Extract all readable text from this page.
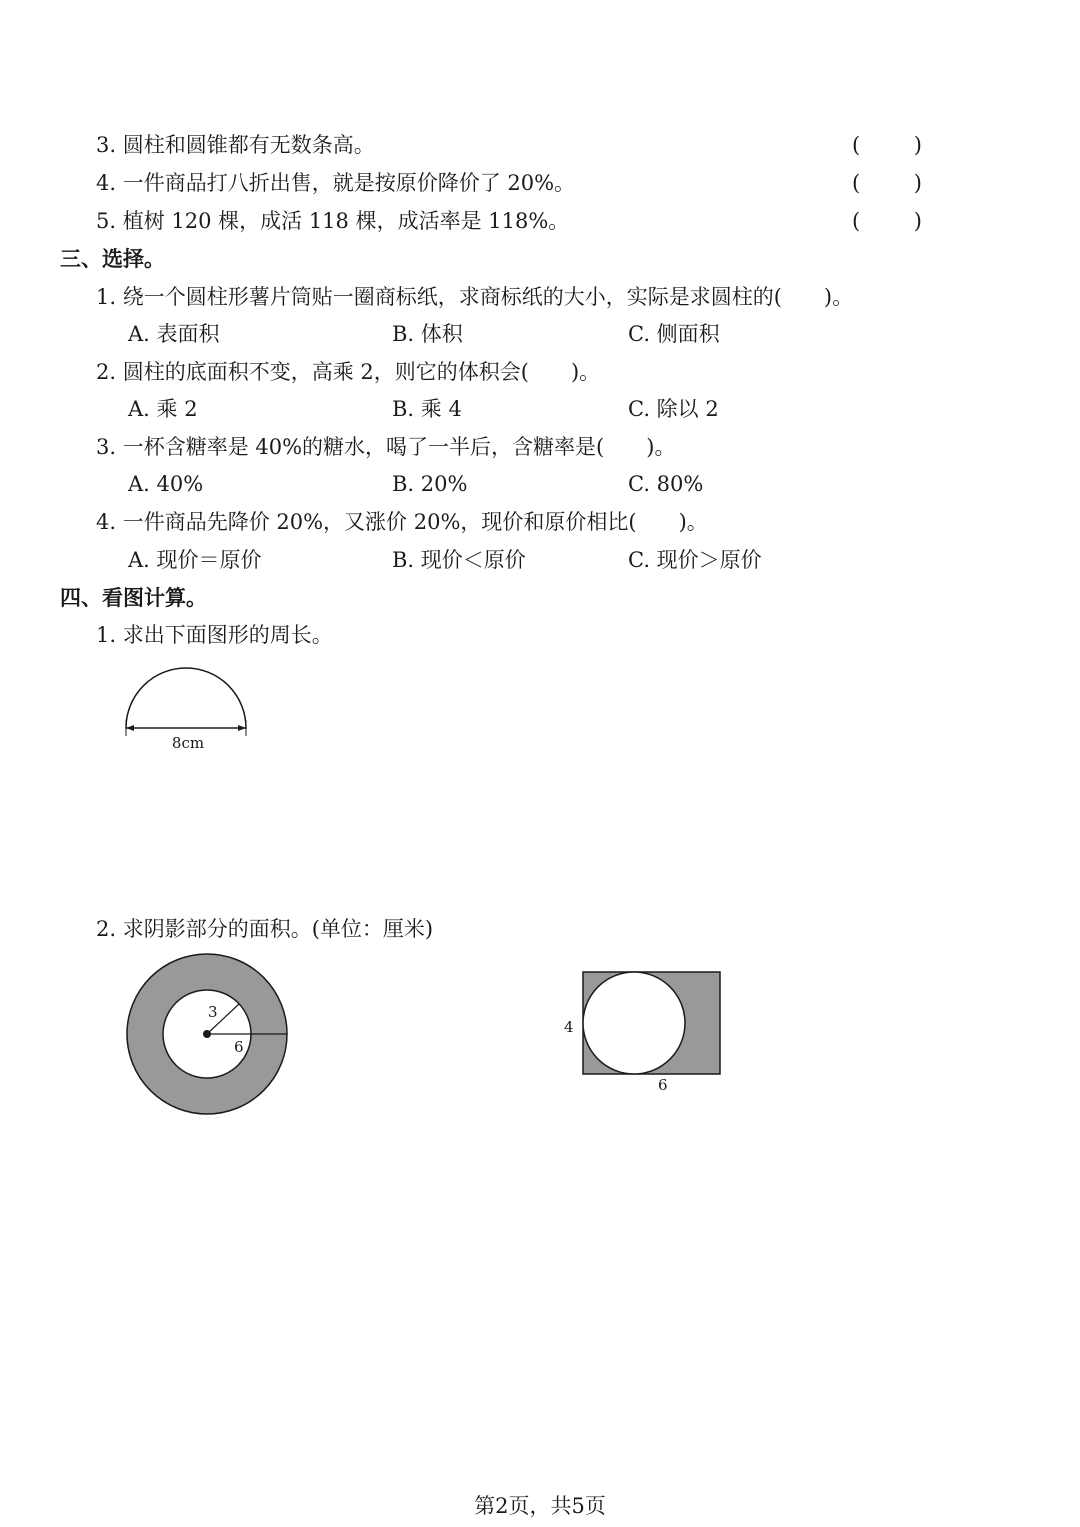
3. 圆柱和圆锥都有无数条高。	(	)
4. 一件商品打八折出售，就是按原价降价了 20%。	(	)
5. 植树 120 棵，成活 118 棵，成活率是 118%。	(	)
三、选择。
1. 绕一个圆柱形薯片筒贴一圈商标纸，求商标纸的大小，实际是求圆柱的(　　)。
A. 表面积	B. 体积	C. 侧面积
2. 圆柱的底面积不变，高乘 2，则它的体积会(　　)。
A. 乘 2	B. 乘 4	C. 除以 2
3. 一杯含糖率是 40%的糖水，喝了一半后，含糖率是(　　)。
A. 40%	B. 20%	C. 80%
4. 一件商品先降价 20%，又涨价 20%，现价和原价相比(　　)。
A. 现价＝原价	B. 现价＜原价	C. 现价＞原价
四、看图计算。
1. 求出下面图形的周长。
8cm
2. 求阴影部分的面积。(单位：厘米)
3
6
4
6
第2页，共5页
